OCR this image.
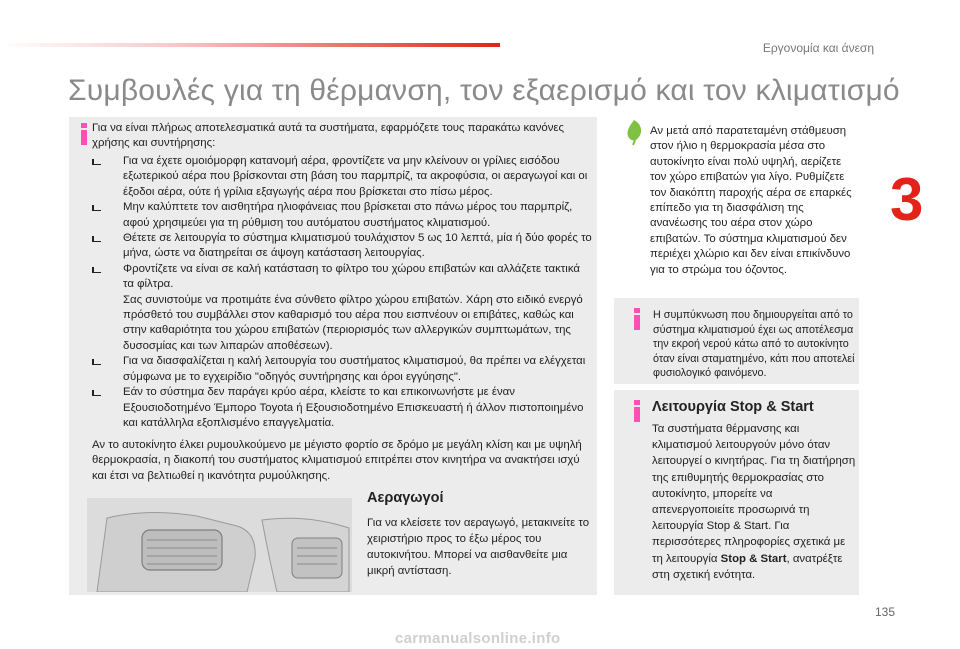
Εργονομία και άνεση
Συμβουλές για τη θέρμανση, τον εξαερισμό και τον κλιματισμό
3
Για να είναι πλήρως αποτελεσματικά αυτά τα συστήματα, εφαρμόζετε τους παρακάτω κανόνες χρήσης και συντήρησης:
Για να έχετε ομοιόμορφη κατανομή αέρα, φροντίζετε να μην κλείνουν οι γρίλιες εισόδου εξωτερικού αέρα που βρίσκονται στη βάση του παρμπρίζ, τα ακροφύσια, οι αεραγωγοί και οι έξοδοι αέρα, ούτε ή γρίλια εξαγωγής αέρα που βρίσκεται στο πίσω μέρος.
Μην καλύπτετε τον αισθητήρα ηλιοφάνειας που βρίσκεται στο πάνω μέρος του παρμπρίζ, αφού χρησιμεύει για τη ρύθμιση του αυτόματου συστήματος κλιματισμού.
Θέτετε σε λειτουργία το σύστημα κλιματισμού τουλάχιστον 5 ως 10 λεπτά, μία ή δύο φορές το μήνα, ώστε να διατηρείται σε άψογη κατάσταση λειτουργίας.
Φροντίζετε να είναι σε καλή κατάσταση το φίλτρο του χώρου επιβατών και αλλάζετε τακτικά τα φίλτρα.
Σας συνιστούμε να προτιμάτε ένα σύνθετο φίλτρο χώρου επιβατών. Χάρη στο ειδικό ενεργό πρόσθετό του συμβάλλει στον καθαρισμό του αέρα που εισπνέουν οι επιβάτες, καθώς και στην καθαριότητα του χώρου επιβατών (περιορισμός των αλλεργικών συμπτωμάτων, της δυσοσμίας και των λιπαρών αποθέσεων).
Για να διασφαλίζεται η καλή λειτουργία του συστήματος κλιματισμού, θα πρέπει να ελέγχεται σύμφωνα με το εγχειρίδιο "οδηγός συντήρησης και όροι εγγύησης".
Εάν το σύστημα δεν παράγει κρύο αέρα, κλείστε το και επικοινωνήστε με έναν Εξουσιοδοτημένο Έμπορο Toyota ή Εξουσιοδοτημένο Επισκευαστή ή άλλον πιστοποιημένο και κατάλληλα εξοπλισμένο επαγγελματία.
Αν το αυτοκίνητο έλκει ρυμουλκούμενο με μέγιστο φορτίο σε δρόμο με μεγάλη κλίση και με υψηλή θερμοκρασία, η διακοπή του συστήματος κλιματισμού επιτρέπει στον κινητήρα να ανακτήσει ισχύ και έτσι να βελτιωθεί η ικανότητα ρυμούλκησης.
Αεραγωγοί
Για να κλείσετε τον αεραγωγό, μετακινείτε το χειριστήριο προς το έξω μέρος του αυτοκινήτου. Μπορεί να αισθανθείτε μια μικρή αντίσταση.
Αν μετά από παρατεταμένη στάθμευση στον ήλιο η θερμοκρασία μέσα στο αυτοκίνητο είναι πολύ υψηλή, αερίζετε τον χώρο επιβατών για λίγο. Ρυθμίζετε τον διακόπτη παροχής αέρα σε επαρκές επίπεδο για τη διασφάλιση της ανανέωσης του αέρα στον χώρο επιβατών. Το σύστημα κλιματισμού δεν περιέχει χλώριο και δεν είναι επικίνδυνο για το στρώμα του όζοντος.
Η συμπύκνωση που δημιουργείται από το σύστημα κλιματισμού έχει ως αποτέλεσμα την εκροή νερού κάτω από το αυτοκίνητο όταν είναι σταματημένο, κάτι που αποτελεί φυσιολογικό φαινόμενο.
Λειτουργία Stop & Start
Τα συστήματα θέρμανσης και κλιματισμού λειτουργούν μόνο όταν λειτουργεί ο κινητήρας. Για τη διατήρηση της επιθυμητής θερμοκρασίας στο αυτοκίνητο, μπορείτε να απενεργοποιείτε προσωρινά τη λειτουργία Stop & Start. Για περισσότερες πληροφορίες σχετικά με τη λειτουργία Stop & Start, ανατρέξτε στη σχετική ενότητα.
135
carmanualsonline.info
